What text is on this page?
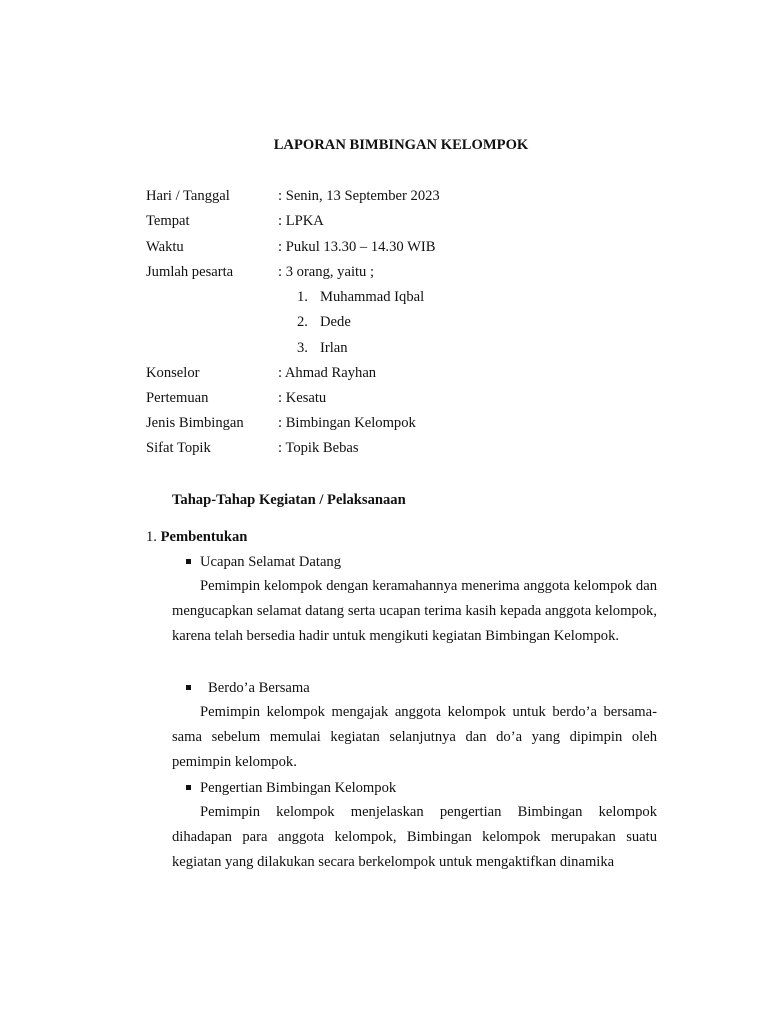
LAPORAN BIMBINGAN KELOMPOK
Hari / Tanggal	: Senin, 13 September 2023
Tempat	: LPKA
Waktu	: Pukul 13.30 – 14.30 WIB
Jumlah pesarta	: 3 orang, yaitu ;
1. Muhammad Iqbal
2. Dede
3. Irlan
Konselor	: Ahmad Rayhan
Pertemuan	: Kesatu
Jenis Bimbingan : Bimbingan Kelompok
Sifat Topik	: Topik Bebas
Tahap-Tahap Kegiatan / Pelaksanaan
1. Pembentukan
Ucapan Selamat Datang

Pemimpin kelompok dengan keramahannya menerima anggota kelompok dan mengucapkan selamat datang serta ucapan terima kasih kepada anggota kelompok, karena telah bersedia hadir untuk mengikuti kegiatan Bimbingan Kelompok.

Berdo’a Bersama

Pemimpin kelompok mengajak anggota kelompok untuk berdo’a bersama-sama sebelum memulai kegiatan selanjutnya dan do’a yang dipimpin oleh pemimpin kelompok.

Pengertian Bimbingan Kelompok

Pemimpin kelompok menjelaskan pengertian Bimbingan kelompok dihadapan para anggota kelompok, Bimbingan kelompok merupakan suatu kegiatan yang dilakukan secara berkelompok untuk mengaktifkan dinamika
